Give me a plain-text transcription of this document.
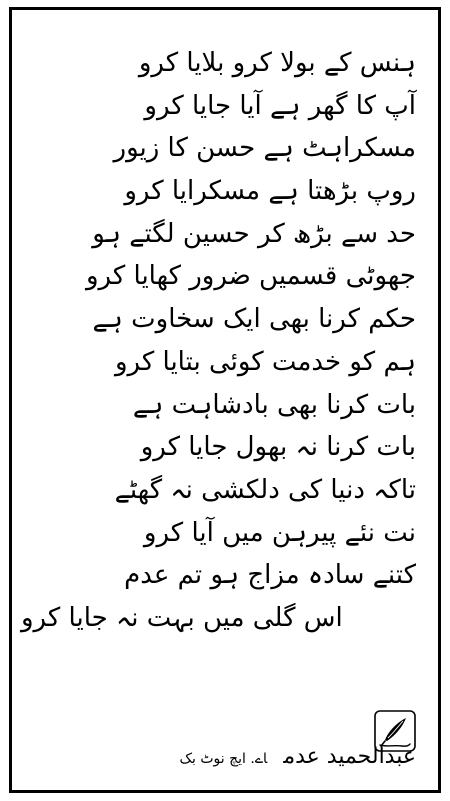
ہنس کے بولا کرو بلایا کرو
آپ کا گھر ہے آیا جایا کرو
مسکراہٹ ہے حسن کا زیور
روپ بڑھتا ہے مسکرایا کرو
حد سے بڑھ کر حسین لگتے ہو
جھوٹی قسمیں ضرور کھایا کرو
حکم کرنا بھی ایک سخاوت ہے
ہم کو خدمت کوئی بتایا کرو
بات کرنا بھی بادشاہت ہے
بات کرنا نہ بھول جایا کرو
تاکہ دنیا کی دلکشی نہ گھٹے
نت نئے پیرہن میں آیا کرو
کتنے سادہ مزاج ہو تم عدم
اس گلی میں بہت نہ جایا کرو
عبدالحمید عدماے. ایچ نوٹ بک
